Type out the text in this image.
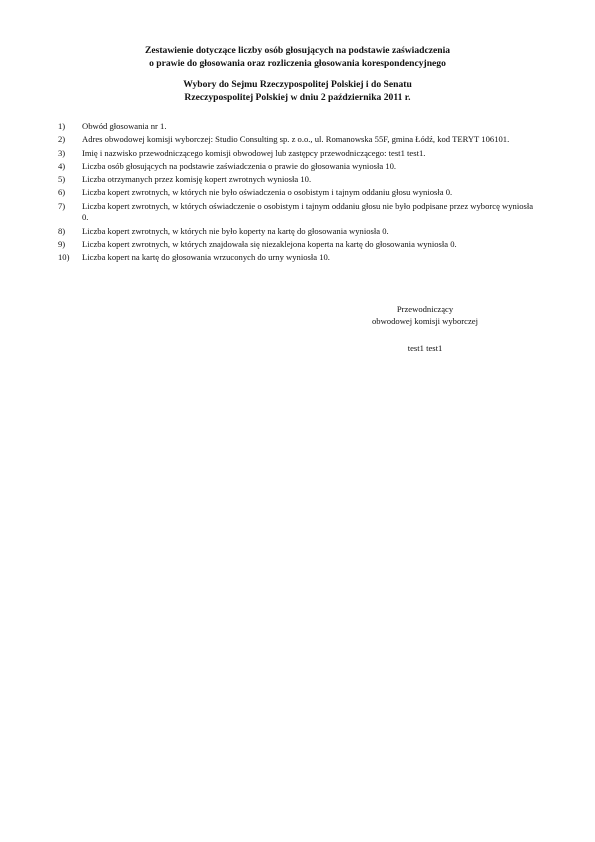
Zestawienie dotyczące liczby osób głosujących na podstawie zaświadczenia
o prawie do głosowania oraz rozliczenia głosowania korespondencyjnego
Wybory do Sejmu Rzeczypospolitej Polskiej i do Senatu
Rzeczypospolitej Polskiej w dniu 2 października 2011 r.
1)	Obwód głosowania nr 1.
2)	Adres obwodowej komisji wyborczej: Studio Consulting sp. z o.o., ul. Romanowska 55F, gmina Łódź, kod TERYT 106101.
3)	Imię i nazwisko przewodniczącego komisji obwodowej lub zastępcy przewodniczącego: test1 test1.
4)	Liczba osób głosujących na podstawie zaświadczenia o prawie do głosowania wyniosła 10.
5)	Liczba otrzymanych przez komisję kopert zwrotnych wyniosła 10.
6)	Liczba kopert zwrotnych, w których nie było oświadczenia o osobistym i tajnym oddaniu głosu wyniosła 0.
7)	Liczba kopert zwrotnych, w których oświadczenie o osobistym i tajnym oddaniu głosu nie było podpisane przez wyborcę wyniosła 0.
8)	Liczba kopert zwrotnych, w których nie było koperty na kartę do głosowania wyniosła 0.
9)	Liczba kopert zwrotnych, w których znajdowała się niezaklejona koperta na kartę do głosowania wyniosła 0.
10)	Liczba kopert na kartę do głosowania wrzuconych do urny wyniosła 10.
Przewodniczący
obwodowej komisji wyborczej
test1 test1
